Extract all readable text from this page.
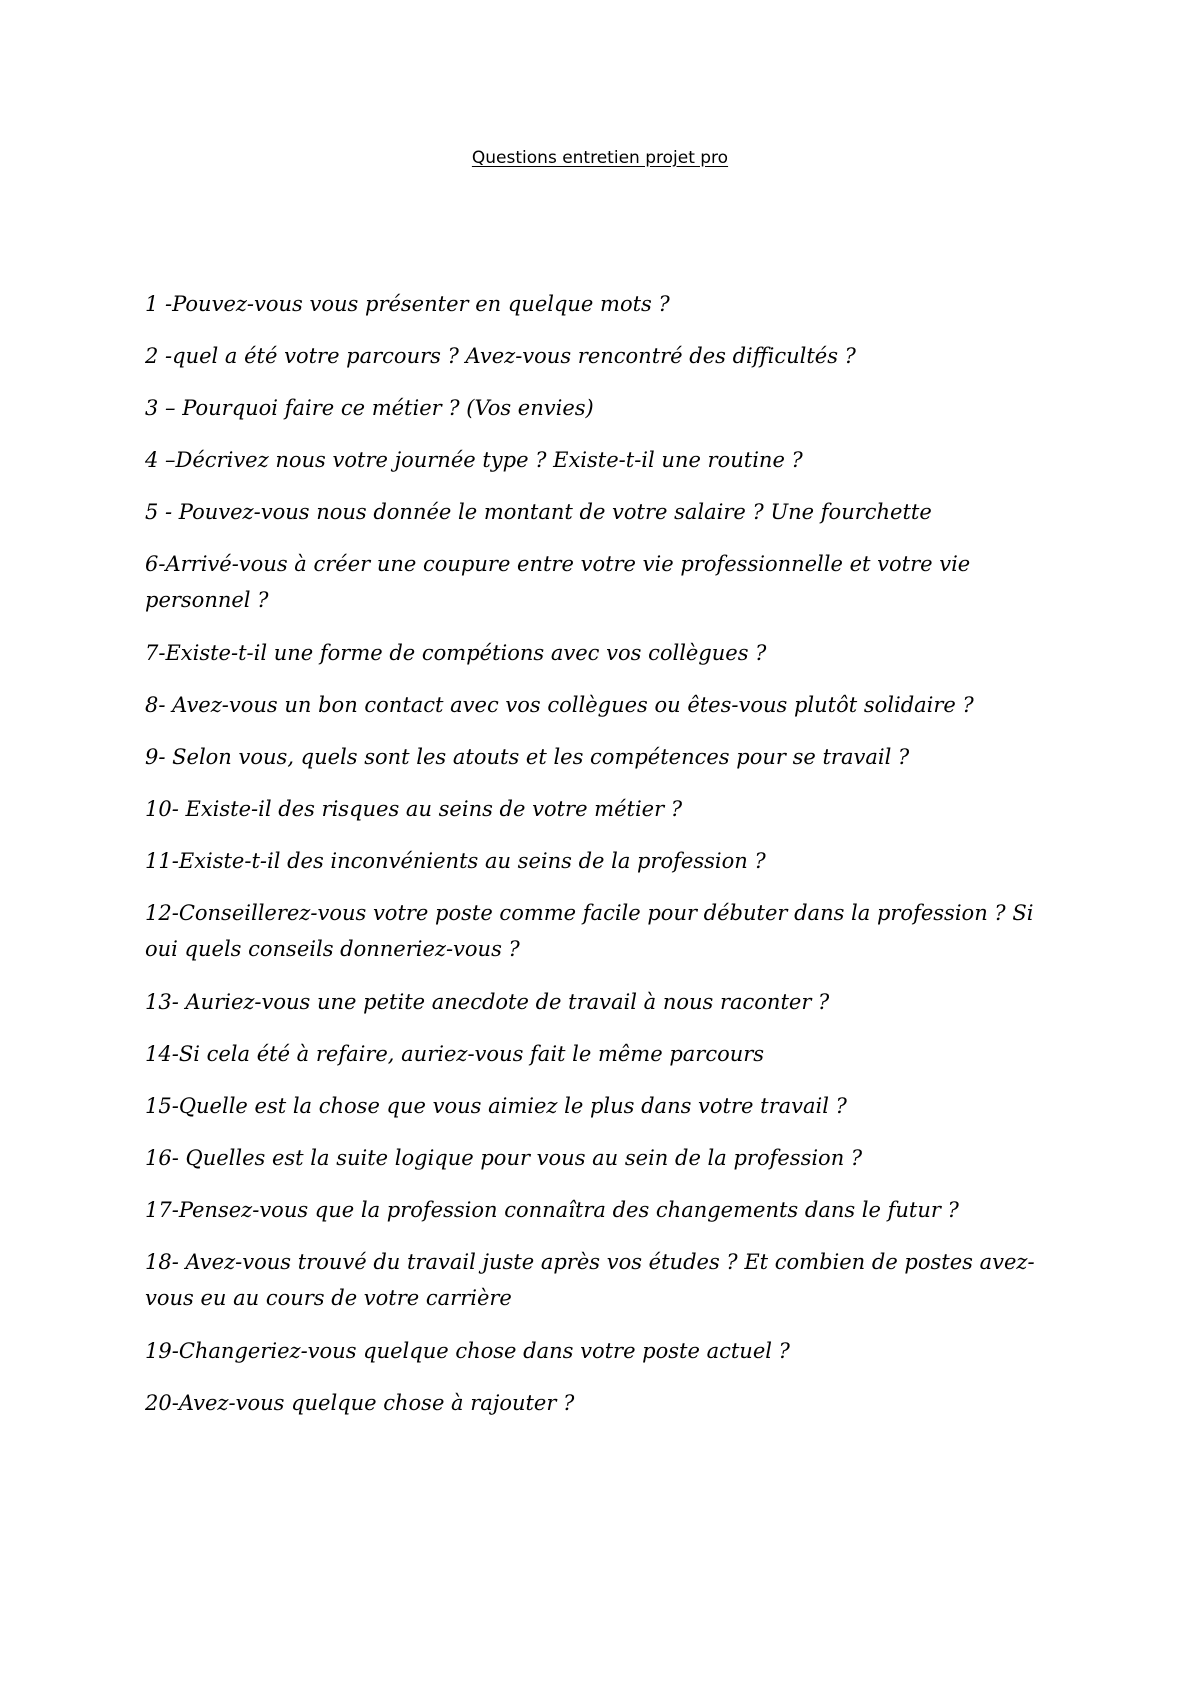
Questions entretien projet pro
1 -Pouvez-vous vous présenter en quelque mots ?
2 -quel a été votre parcours ? Avez-vous rencontré des difficultés ?
3 – Pourquoi faire ce métier ? (Vos envies)
4 –Décrivez nous votre journée type ? Existe-t-il une routine ?
5 - Pouvez-vous nous donnée le montant de votre salaire ? Une fourchette
6-Arrivé-vous à créer une coupure entre votre vie professionnelle et votre vie personnel ?
7-Existe-t-il une forme de compétions avec vos collègues ?
8- Avez-vous un bon contact avec vos collègues ou êtes-vous plutôt solidaire ?
9- Selon vous, quels sont les atouts et les compétences pour se travail ?
10- Existe-il des risques au seins de votre métier ?
11-Existe-t-il des inconvénients au seins de la profession ?
12-Conseillerez-vous votre poste comme facile pour débuter dans la profession ? Si oui quels conseils donneriez-vous ?
13- Auriez-vous une petite anecdote de travail à nous raconter ?
14-Si cela été à refaire, auriez-vous fait le même parcours
15-Quelle est la chose que vous aimiez le plus dans votre travail ?
16- Quelles est la suite logique pour vous au sein de la profession ?
17-Pensez-vous que la profession connaîtra des changements dans le futur ?
18- Avez-vous trouvé du travail juste après vos études ? Et combien de postes avez-vous eu au cours de votre carrière
19-Changeriez-vous quelque chose dans votre poste actuel ?
20-Avez-vous quelque chose à rajouter ?
